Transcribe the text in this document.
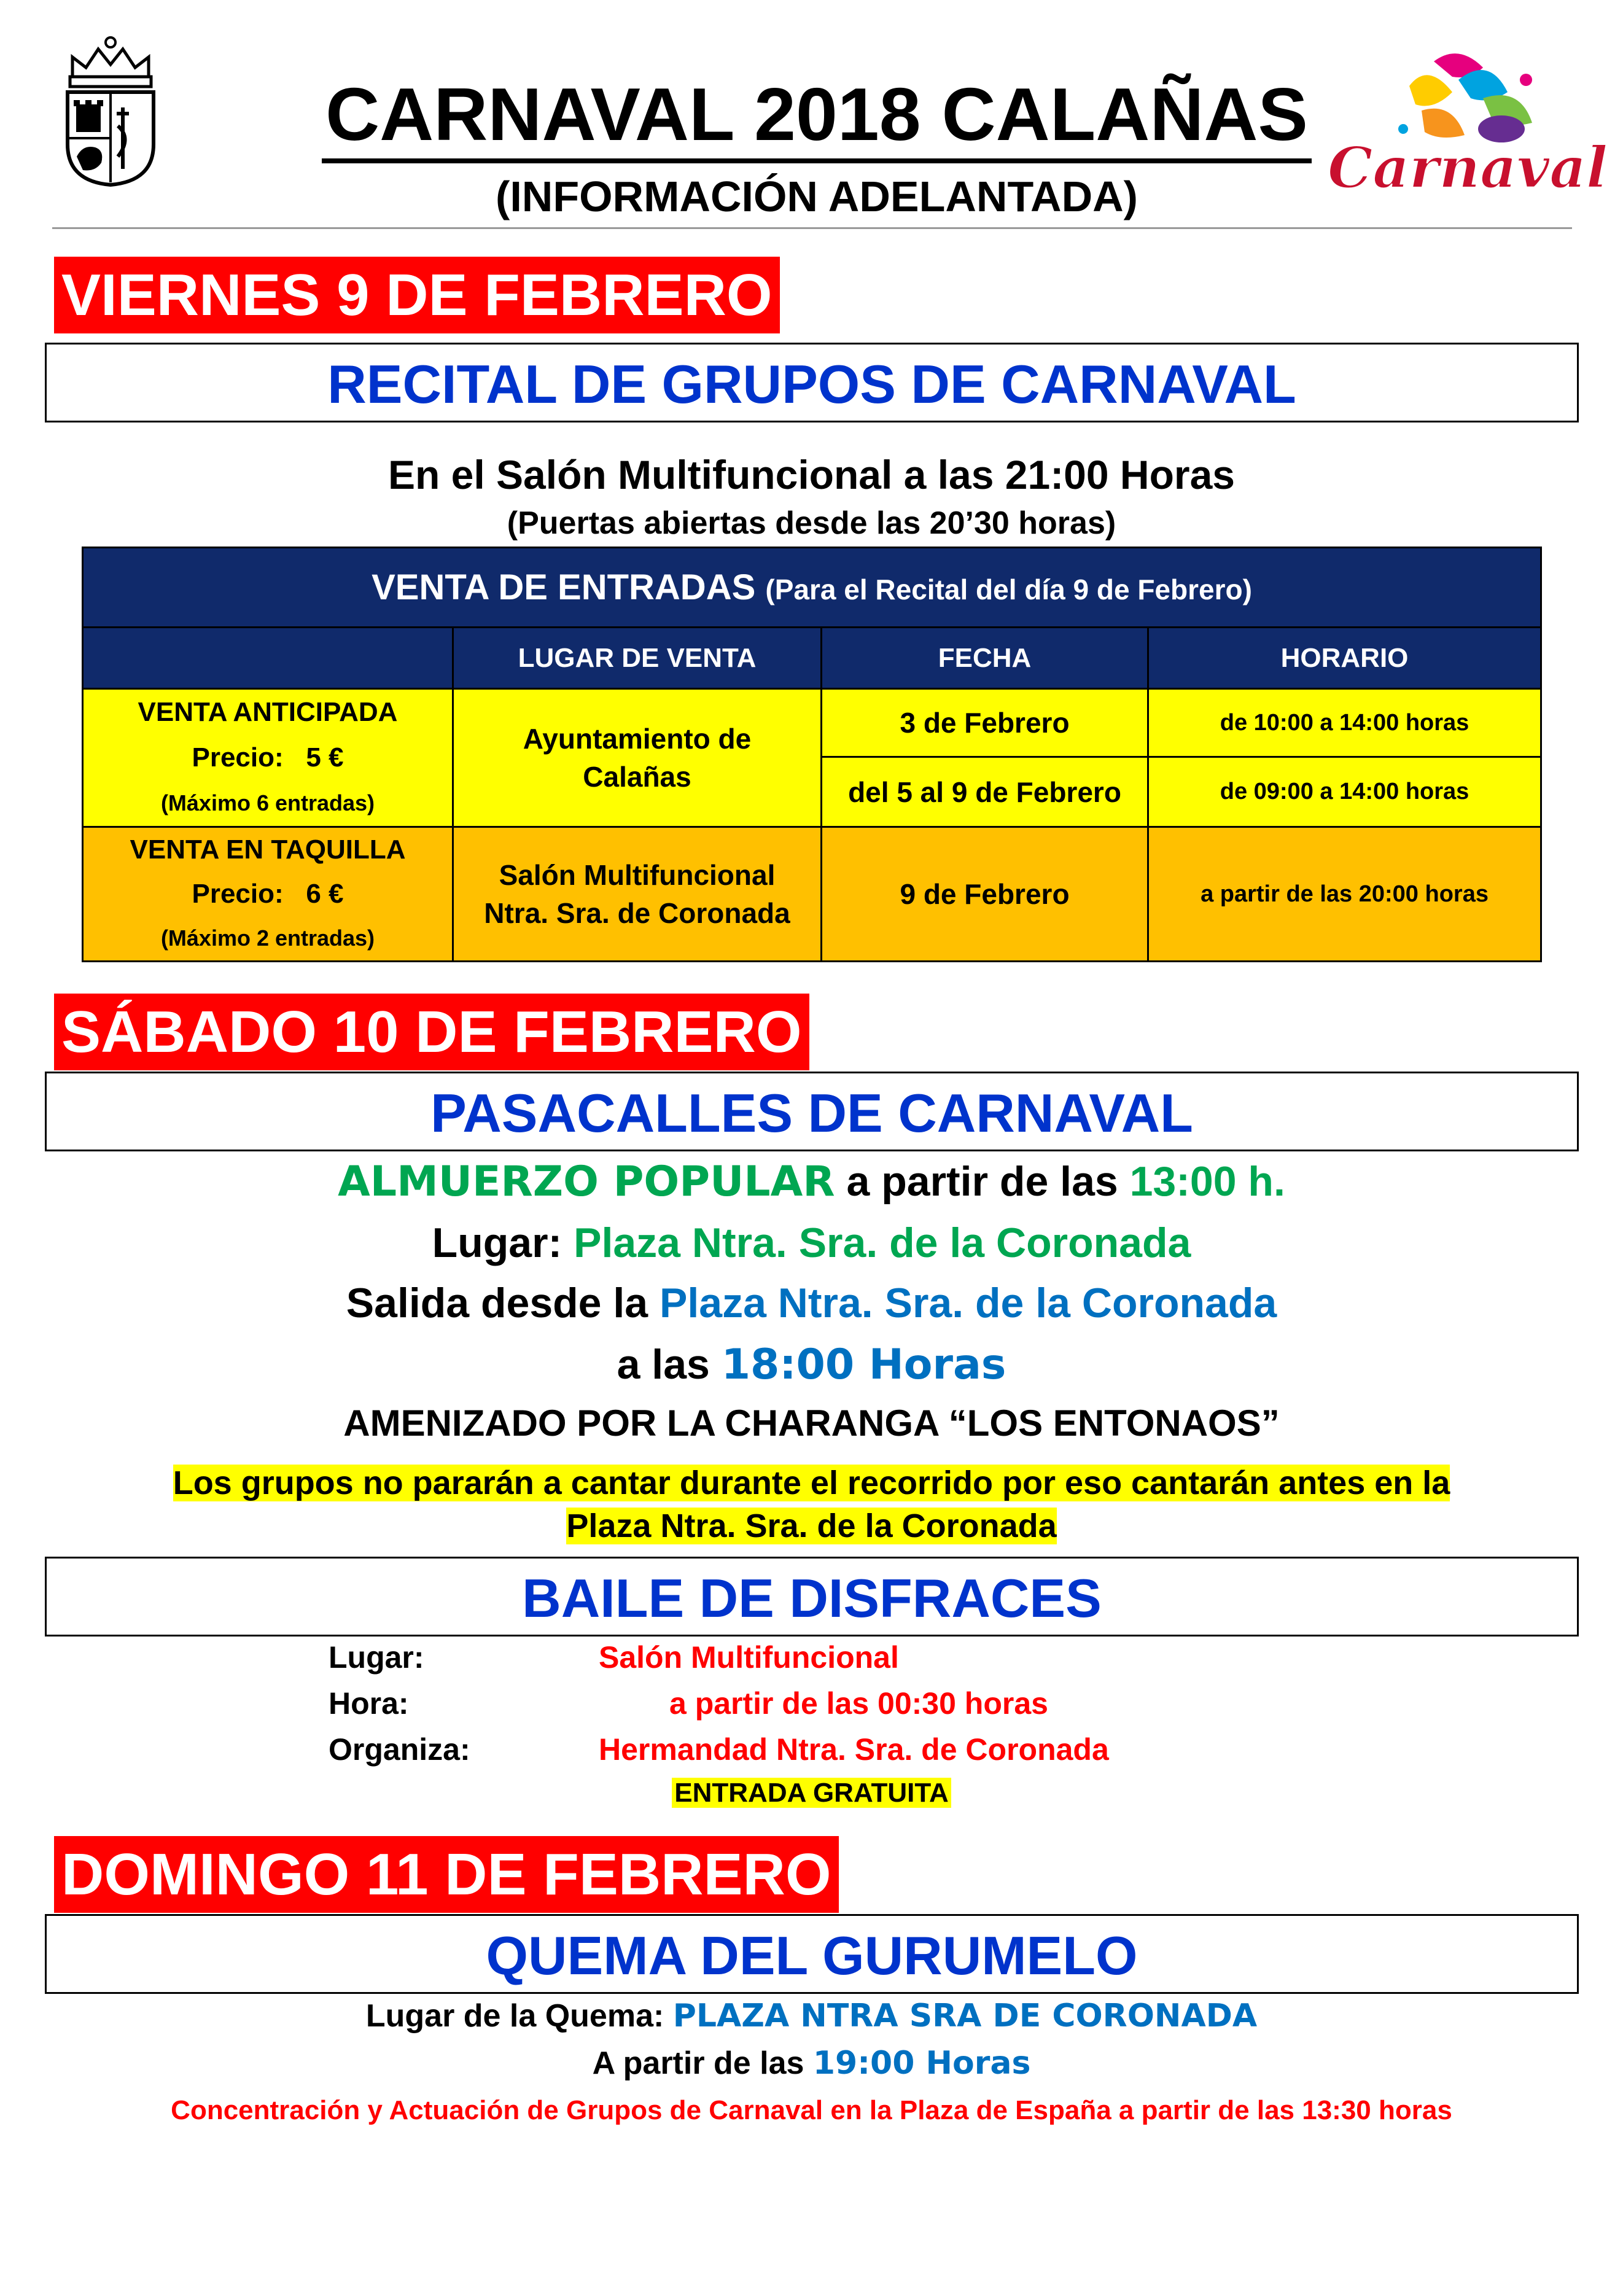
CARNAVAL 2018 CALAÑAS
(INFORMACIÓN ADELANTADA)	Carnaval
VIERNES 9 DE FEBRERO
RECITAL DE GRUPOS DE CARNAVAL
En el Salón Multifuncional a las 21:00 Horas
(Puertas abiertas desde las 20’30 horas)
VENTA DE ENTRADAS (Para el Recital del día 9 de Febrero)			
	LUGAR DE VENTA	FECHA	HORARIO

VENTA ANTICIPADA
Precio:   5 €
(Máximo 6 entradas)	Ayuntamiento de Calañas	3 de Febrero	de 10:00 a 14:00 horas
		del 5 al 9 de Febrero	de 09:00 a 14:00 horas

VENTA EN TAQUILLA
Precio:   6 €
(Máximo 2 entradas)	Salón Multifuncional Ntra. Sra. de Coronada	9 de Febrero	a partir de las 20:00 horas
SÁBADO 10 DE FEBRERO
PASACALLES DE CARNAVAL
ALMUERZO POPULAR a partir de las 13:00 h.
Lugar: Plaza Ntra. Sra. de la Coronada
Salida desde la Plaza Ntra. Sra. de la Coronada
a las 18:00 Horas
AMENIZADO POR LA CHARANGA “LOS ENTONAOS”
Los grupos no pararán a cantar durante el recorrido por eso cantarán antes en la
Plaza Ntra. Sra. de la Coronada
BAILE DE DISFRACES
Lugar:	Salón Multifuncional
Hora:	a partir de las 00:30 horas
Organiza:	Hermandad Ntra. Sra. de Coronada
ENTRADA GRATUITA
DOMINGO 11 DE FEBRERO
QUEMA DEL GURUMELO
Lugar de la Quema: PLAZA NTRA SRA DE CORONADA
A partir de las 19:00 Horas
Concentración y Actuación de Grupos de Carnaval en la Plaza de España a partir de las 13:30 horas
